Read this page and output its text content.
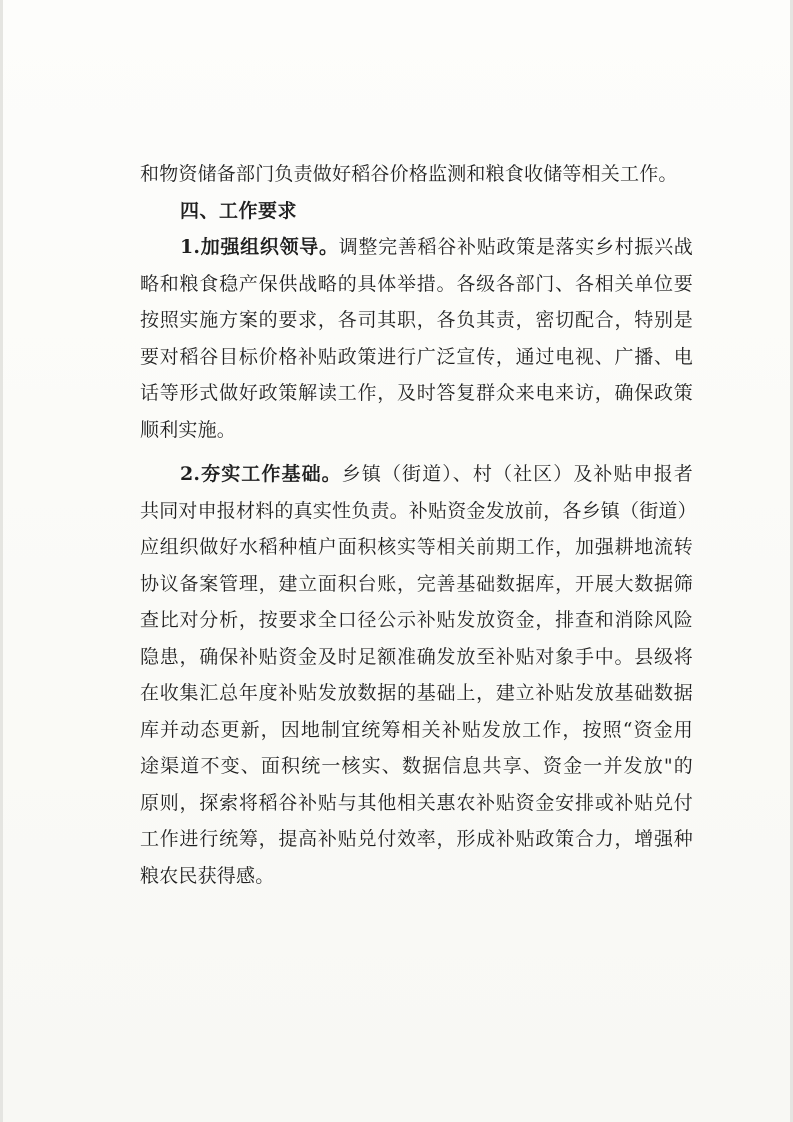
和物资储备部门负责做好稻谷价格监测和粮食收储等相关工作。
四、工作要求
1.加强组织领导。调整完善稻谷补贴政策是落实乡村振兴战
略和粮食稳产保供战略的具体举措。各级各部门、各相关单位要
按照实施方案的要求，各司其职，各负其责，密切配合，特别是
要对稻谷目标价格补贴政策进行广泛宣传，通过电视、广播、电
话等形式做好政策解读工作，及时答复群众来电来访，确保政策
顺利实施。
2.夯实工作基础。乡镇（街道）、村（社区）及补贴申报者
共同对申报材料的真实性负责。补贴资金发放前，各乡镇（街道）
应组织做好水稻种植户面积核实等相关前期工作，加强耕地流转
协议备案管理，建立面积台账，完善基础数据库，开展大数据筛
查比对分析，按要求全口径公示补贴发放资金，排查和消除风险
隐患，确保补贴资金及时足额准确发放至补贴对象手中。县级将
在收集汇总年度补贴发放数据的基础上，建立补贴发放基础数据
库并动态更新，因地制宜统筹相关补贴发放工作，按照“资金用
途渠道不变、面积统一核实、数据信息共享、资金一并发放"的
原则，探索将稻谷补贴与其他相关惠农补贴资金安排或补贴兑付
工作进行统筹，提高补贴兑付效率，形成补贴政策合力，增强种
粮农民获得感。
